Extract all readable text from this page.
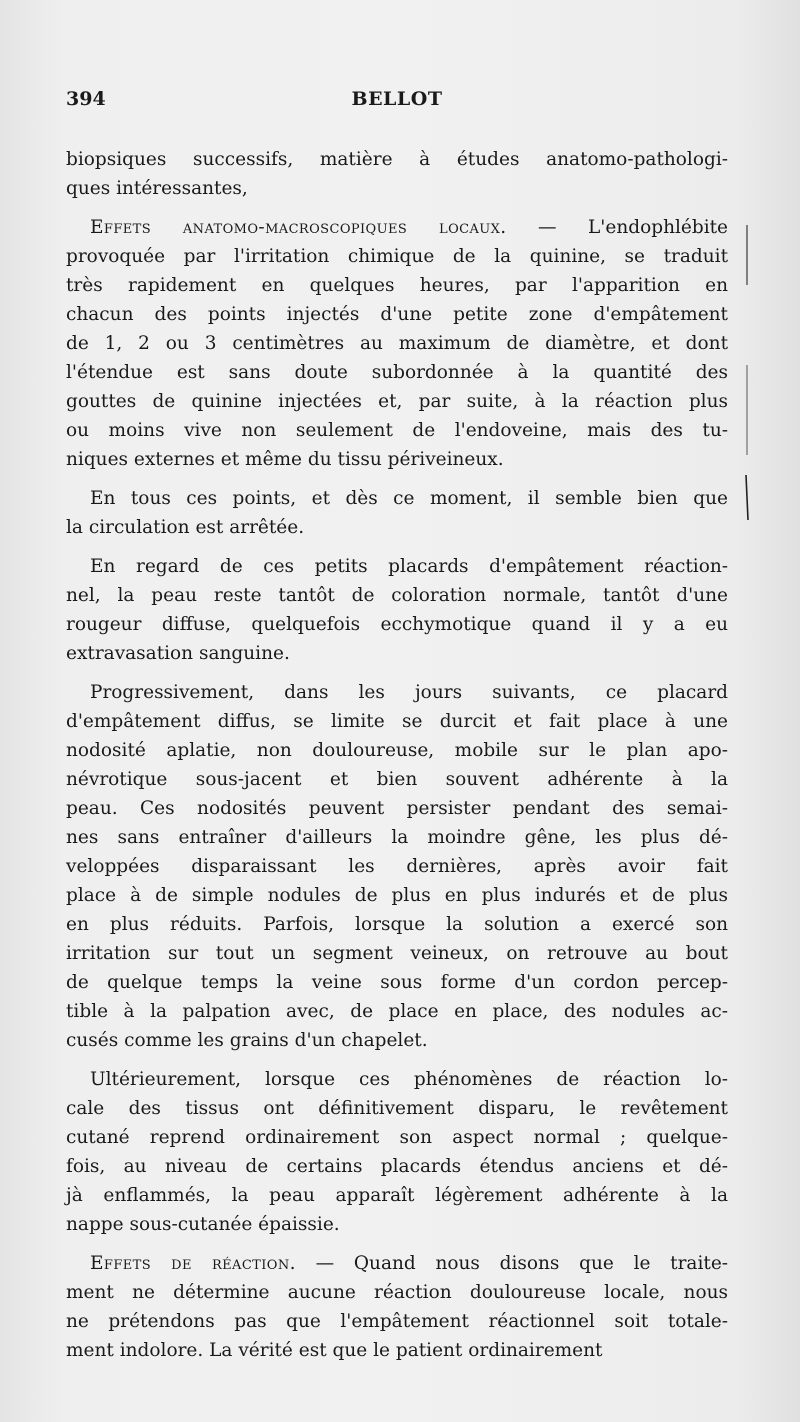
394	BELLOT
biopsiques successifs, matière à études anatomo-pathologi-
ques intéressantes,
Effets anatomo-macroscopiques locaux. — L'endophlébite
provoquée par l'irritation chimique de la quinine, se traduit
très rapidement en quelques heures, par l'apparition en
chacun des points injectés d'une petite zone d'empâtement
de 1, 2 ou 3 centimètres au maximum de diamètre, et dont
l'étendue est sans doute subordonnée à la quantité des
gouttes de quinine injectées et, par suite, à la réaction plus
ou moins vive non seulement de l'endoveine, mais des tu-
niques externes et même du tissu périveineux.
En tous ces points, et dès ce moment, il semble bien que
la circulation est arrêtée.
En regard de ces petits placards d'empâtement réaction-
nel, la peau reste tantôt de coloration normale, tantôt d'une
rougeur diffuse, quelquefois ecchymotique quand il y a eu
extravasation sanguine.
Progressivement, dans les jours suivants, ce placard
d'empâtement diffus, se limite se durcit et fait place à une
nodosité aplatie, non douloureuse, mobile sur le plan apo-
névrotique sous-jacent et bien souvent adhérente à la
peau. Ces nodosités peuvent persister pendant des semai-
nes sans entraîner d'ailleurs la moindre gêne, les plus dé-
veloppées disparaissant les dernières, après avoir fait
place à de simple nodules de plus en plus indurés et de plus
en plus réduits. Parfois, lorsque la solution a exercé son
irritation sur tout un segment veineux, on retrouve au bout
de quelque temps la veine sous forme d'un cordon percep-
tible à la palpation avec, de place en place, des nodules ac-
cusés comme les grains d'un chapelet.
Ultérieurement, lorsque ces phénomènes de réaction lo-
cale des tissus ont définitivement disparu, le revêtement
cutané reprend ordinairement son aspect normal ; quelque-
fois, au niveau de certains placards étendus anciens et dé-
jà enflammés, la peau apparaît légèrement adhérente à la
nappe sous-cutanée épaissie.
Effets de réaction. — Quand nous disons que le traite-
ment ne détermine aucune réaction douloureuse locale, nous
ne prétendons pas que l'empâtement réactionnel soit totale-
ment indolore. La vérité est que le patient ordinairement
